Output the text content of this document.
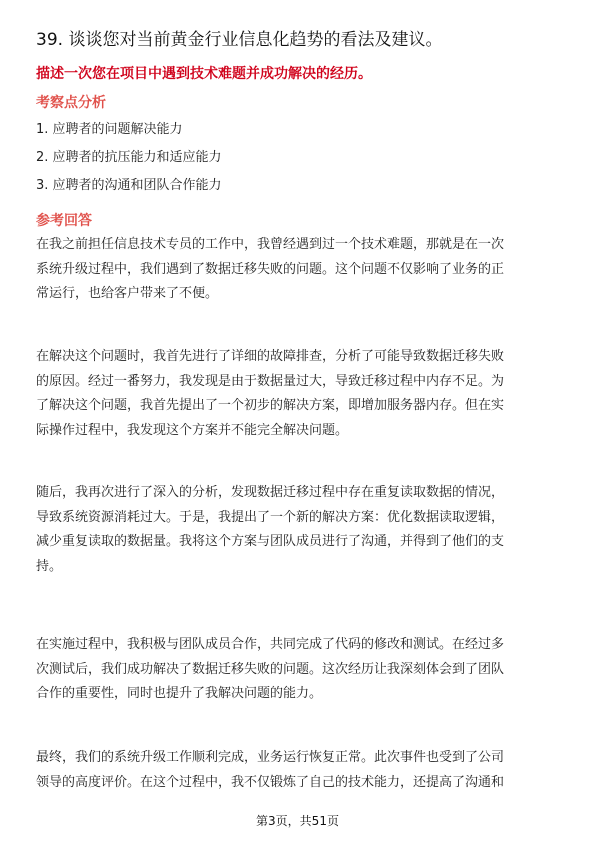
39. 谈谈您对当前黄金行业信息化趋势的看法及建议。
描述一次您在项目中遇到技术难题并成功解决的经历。
考察点分析
1. 应聘者的问题解决能力
2. 应聘者的抗压能力和适应能力
3. 应聘者的沟通和团队合作能力
参考回答
在我之前担任信息技术专员的工作中，我曾经遇到过一个技术难题，那就是在一次
系统升级过程中，我们遇到了数据迁移失败的问题。这个问题不仅影响了业务的正
常运行，也给客户带来了不便。
在解决这个问题时，我首先进行了详细的故障排查，分析了可能导致数据迁移失败
的原因。经过一番努力，我发现是由于数据量过大，导致迁移过程中内存不足。为
了解决这个问题，我首先提出了一个初步的解决方案，即增加服务器内存。但在实
际操作过程中，我发现这个方案并不能完全解决问题。
随后，我再次进行了深入的分析，发现数据迁移过程中存在重复读取数据的情况，
导致系统资源消耗过大。于是，我提出了一个新的解决方案：优化数据读取逻辑，
减少重复读取的数据量。我将这个方案与团队成员进行了沟通，并得到了他们的支
持。
在实施过程中，我积极与团队成员合作，共同完成了代码的修改和测试。在经过多
次测试后，我们成功解决了数据迁移失败的问题。这次经历让我深刻体会到了团队
合作的重要性，同时也提升了我解决问题的能力。
最终，我们的系统升级工作顺利完成，业务运行恢复正常。此次事件也受到了公司
领导的高度评价。在这个过程中，我不仅锻炼了自己的技术能力，还提高了沟通和
第3页，共51页
